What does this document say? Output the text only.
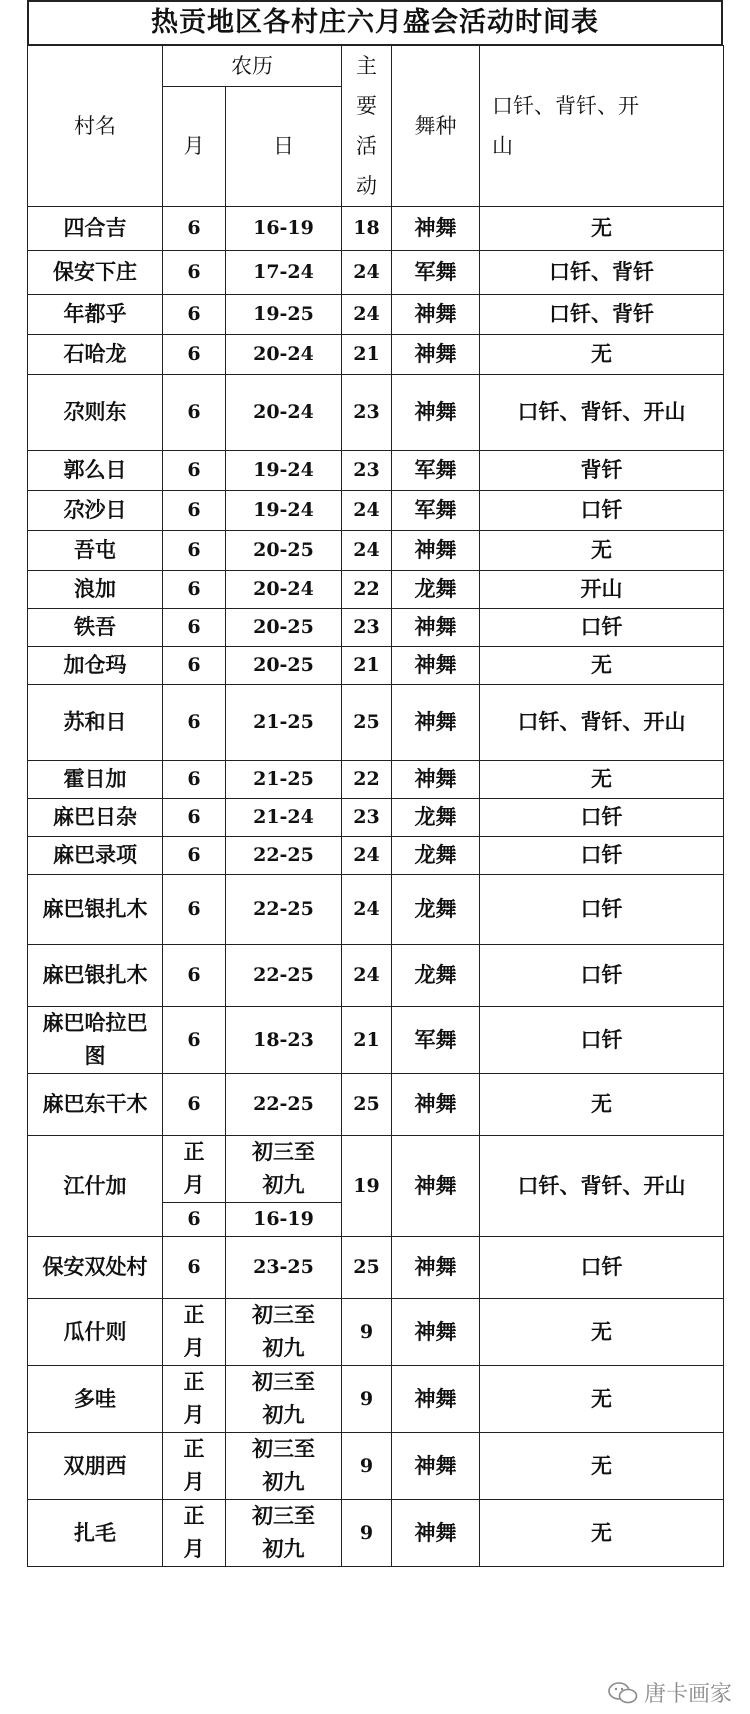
热贡地区各村庄六月盛会活动时间表
村名	农历		主要活动	舞种	口钎、背钎、开山
	月	日			
四合吉	6	16-19	18	神舞	无
保安下庄	6	17-24	24	军舞	口钎、背钎
年都乎	6	19-25	24	神舞	口钎、背钎
石哈龙	6	20-24	21	神舞	无
尕则东	6	20-24	23	神舞	口钎、背钎、开山
郭么日	6	19-24	23	军舞	背钎
尕沙日	6	19-24	24	军舞	口钎
吾屯	6	20-25	24	神舞	无
浪加	6	20-24	22	龙舞	开山
铁吾	6	20-25	23	神舞	口钎
加仓玛	6	20-25	21	神舞	无
苏和日	6	21-25	25	神舞	口钎、背钎、开山
霍日加	6	21-25	22	神舞	无
麻巴日杂	6	21-24	23	龙舞	口钎
麻巴录项	6	22-25	24	龙舞	口钎
麻巴银扎木	6	22-25	24	龙舞	口钎
麻巴银扎木	6	22-25	24	龙舞	口钎
麻巴哈拉巴图	6	18-23	21	军舞	口钎
麻巴东干木	6	22-25	25	神舞	无
江什加	正月	初三至初九	19	神舞	口钎、背钎、开山
	6	16-19			
保安双处村	6	23-25	25	神舞	口钎
瓜什则	正月	初三至初九	9	神舞	无
多哇	正月	初三至初九	9	神舞	无
双朋西	正月	初三至初九	9	神舞	无
扎毛	正月	初三至初九	9	神舞	无
唐卡画家
